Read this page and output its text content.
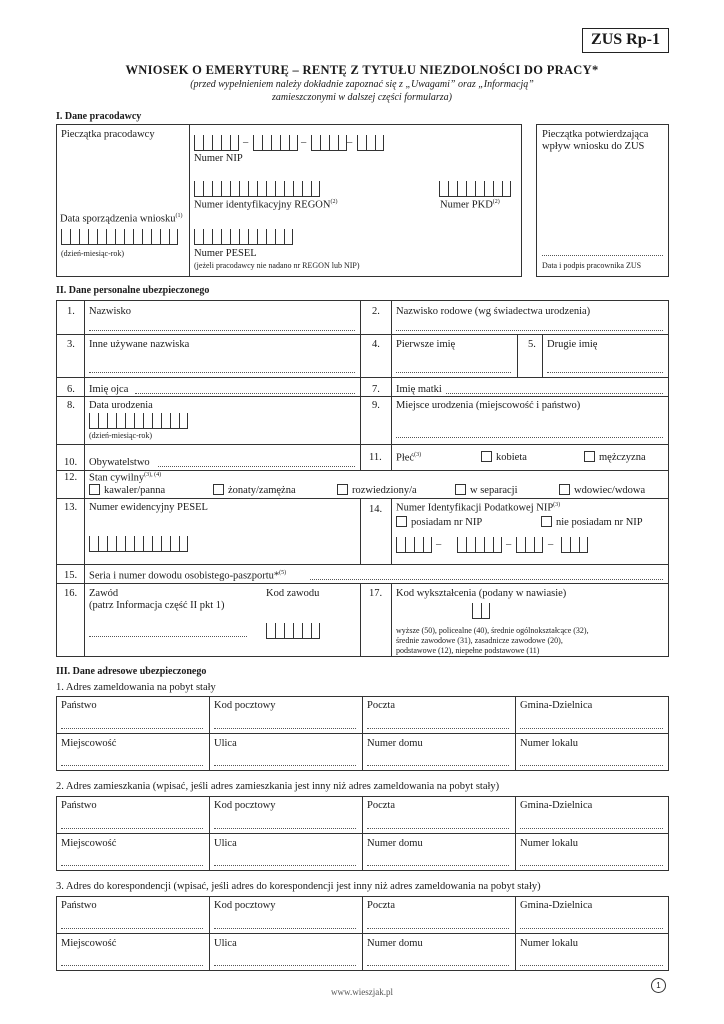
ZUS Rp-1
WNIOSEK O EMERYTURĘ – RENTĘ Z TYTUŁU NIEZDOLNOŚCI DO PRACY*
(przed wypełnieniem należy dokładnie zapoznać się z „Uwagami” oraz „Informacją”
zamieszczonymi w dalszej części formularza)
I. Dane pracodawcy
Pieczątka pracodawcy
–	–	–
Numer NIP
Numer identyfikacyjny REGON$^{(2)}$	Numer PKD$^{(2)}$
Data sporządzenia wniosku$^{(1)}$
(dzień-miesiąc-rok)	Numer PESEL
(jeżeli pracodawcy nie nadano nr REGON lub NIP)
Pieczątka potwierdzająca
wpływ wniosku do ZUS
Data i podpis pracownika ZUS
II. Dane personalne ubezpieczonego
1. Nazwisko	2. Nazwisko rodowe (wg świadectwa urodzenia)
3. Inne używane nazwiska	4. Pierwsze imię	5. Drugie imię
6. Imię ojca	7. Imię matki
8. Data urodzenia
(dzień-miesiąc-rok)
9. Miejsce urodzenia (miejscowość i państwo)
10. Obywatelstwo	11. Płeć$^{(3)}$	kobieta	mężczyzna
12. Stan cywilny$^{(3), (4)}$
kawaler/panna	żonaty/zamężna	rozwiedziony/a	w separacji	wdowiec/wdowa
13. Numer ewidencyjny PESEL	14. Numer Identyfikacji Podatkowej NIP$^{(3)}$
posiadam nr NIP	nie posiadam nr NIP
–	–	–
15. Seria i numer dowodu osobistego-paszportu*$^{(5)}$
16. Zawód
(patrz Informacja część II pkt 1)
Kod zawodu	17. Kod wykształcenia (podany w nawiasie)
wyższe (50), policealne (40), średnie ogólnokształcące (32),
średnie zawodowe (31), zasadnicze zawodowe (20),
podstawowe (12), niepełne podstawowe (11)
III. Dane adresowe ubezpieczonego
1. Adres zameldowania na pobyt stały
Państwo	Kod pocztowy	Poczta	Gmina-Dzielnica
Miejscowość	Ulica	Numer domu	Numer lokalu
2. Adres zamieszkania (wpisać, jeśli adres zamieszkania jest inny niż adres zameldowania na pobyt stały)
Państwo	Kod pocztowy	Poczta	Gmina-Dzielnica
Miejscowość	Ulica	Numer domu	Numer lokalu
3. Adres do korespondencji (wpisać, jeśli adres do korespondencji jest inny niż adres zameldowania na pobyt stały)
Państwo	Kod pocztowy	Poczta	Gmina-Dzielnica
Miejscowość	Ulica	Numer domu	Numer lokalu
www.wieszjak.pl
1
